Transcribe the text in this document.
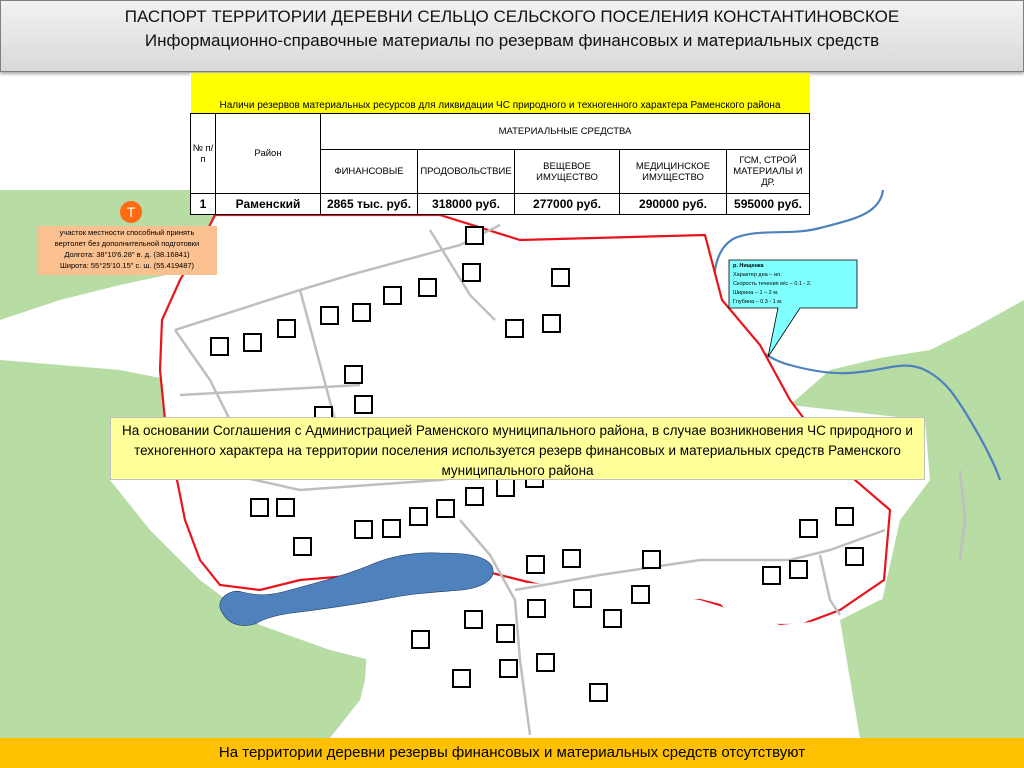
ПАСПОРТ ТЕРРИТОРИИ ДЕРЕВНИ СЕЛЬЦО СЕЛЬСКОГО ПОСЕЛЕНИЯ КОНСТАНТИНОВСКОЕ
Информационно-справочные материалы по резервам финансовых и материальных средств
Наличи резервов материальных ресурсов для ликвидации ЧС природного и техногенного характера Раменского района						
№ п/п	Район	МАТЕРИАЛЬНЫЕ СРЕДСТВА				
		ФИНАНСОВЫЕ	ПРОДОВОЛЬСТВИЕ	ВЕЩЕВОЕ ИМУЩЕСТВО	МЕДИЦИНСКОЕ ИМУЩЕСТВО	ГСМ, СТРОЙ МАТЕРИАЛЫ И ДР.
1	Раменский	2865 тыс. руб.	318000 руб.	277000 руб.	290000 руб.	595000 руб.
Т
участок местности способный принять
вертолет без дополнительной подготовки
Долгота: 38°10'6.28" в. д. (38.16841)
Широта: 55°25'10.15" с. ш. (55.419487)	р. Нищенка
Характер дна – ил.
Скорость течения м\с – 0.1 - 2.
Ширина – 1 – 2 м.
Глубина – 0.3 - 1 м.
На основании Соглашения с Администрацией Раменского муниципального района, в случае возникновения ЧС природного и техногенного характера на территории поселения используется резерв финансовых и материальных средств Раменского муниципального района
На территории деревни резервы финансовых и материальных средств отсутствуют
